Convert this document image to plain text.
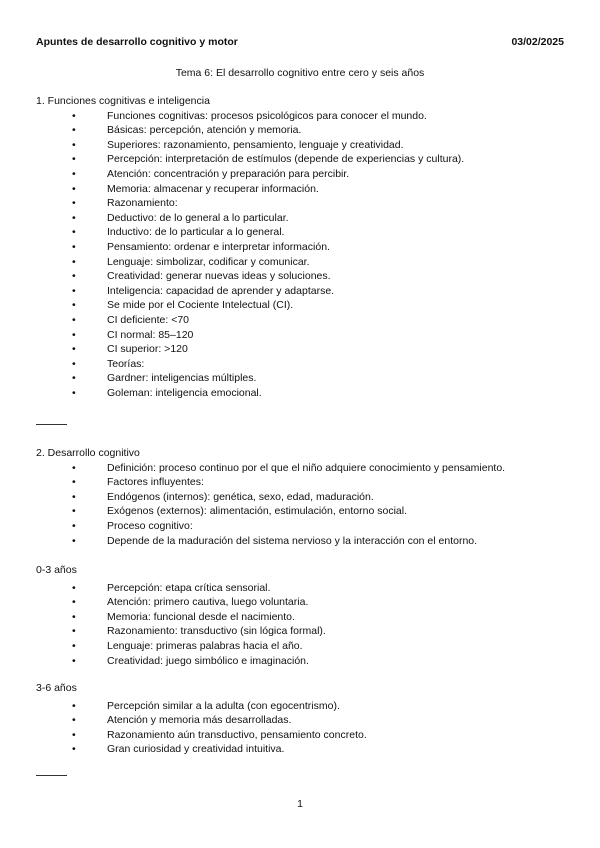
Apuntes de desarrollo cognitivo y motor	03/02/2025
Tema 6: El desarrollo cognitivo entre cero y seis años
1. Funciones cognitivas e inteligencia
• Funciones cognitivas: procesos psicológicos para conocer el mundo.
• Básicas: percepción, atención y memoria.
• Superiores: razonamiento, pensamiento, lenguaje y creatividad.
• Percepción: interpretación de estímulos (depende de experiencias y cultura).
• Atención: concentración y preparación para percibir.
• Memoria: almacenar y recuperar información.
• Razonamiento:
• Deductivo: de lo general a lo particular.
• Inductivo: de lo particular a lo general.
• Pensamiento: ordenar e interpretar información.
• Lenguaje: simbolizar, codificar y comunicar.
• Creatividad: generar nuevas ideas y soluciones.
• Inteligencia: capacidad de aprender y adaptarse.
• Se mide por el Cociente Intelectual (CI).
• CI deficiente: <70
• CI normal: 85–120
• CI superior: >120
• Teorías:
• Gardner: inteligencias múltiples.
• Goleman: inteligencia emocional.
2. Desarrollo cognitivo
• Definición: proceso continuo por el que el niño adquiere conocimiento y pensamiento.
• Factores influyentes:
• Endógenos (internos): genética, sexo, edad, maduración.
• Exógenos (externos): alimentación, estimulación, entorno social.
• Proceso cognitivo:
• Depende de la maduración del sistema nervioso y la interacción con el entorno.
0-3 años
• Percepción: etapa crítica sensorial.
• Atención: primero cautiva, luego voluntaria.
• Memoria: funcional desde el nacimiento.
• Razonamiento: transductivo (sin lógica formal).
• Lenguaje: primeras palabras hacia el año.
• Creatividad: juego simbólico e imaginación.
3-6 años
• Percepción similar a la adulta (con egocentrismo).
• Atención y memoria más desarrolladas.
• Razonamiento aún transductivo, pensamiento concreto.
• Gran curiosidad y creatividad intuitiva.
1
